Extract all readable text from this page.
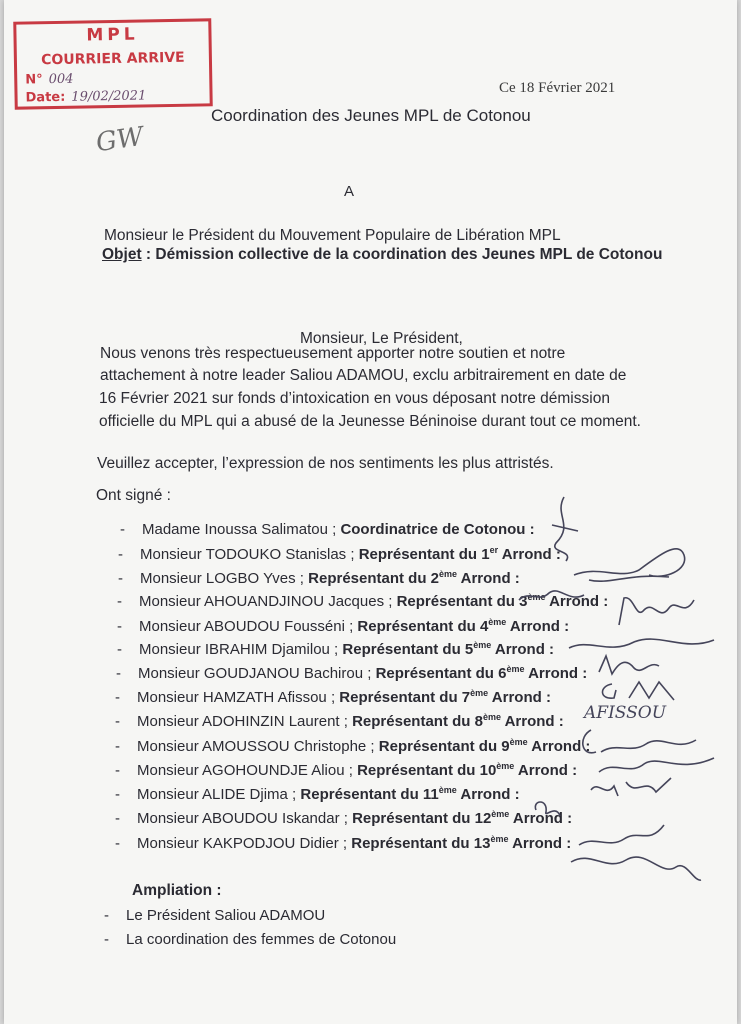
MPL
COURRIER ARRIVE
N° 004
Date: 19/02/2021
Ce 18 Février 2021
Coordination des Jeunes MPL de Cotonou
GW
A
Monsieur le Président du Mouvement Populaire de Libération MPL
Objet : Démission collective de la coordination des Jeunes MPL de Cotonou
Monsieur, Le Président,
Nous venons très respectueusement apporter notre soutien et notre
attachement à notre leader Saliou ADAMOU, exclu arbitrairement en date de
16 Février 2021 sur fonds d’intoxication en vous déposant notre démission
officielle du MPL qui a abusé de la Jeunesse Béninoise durant tout ce moment.
Veuillez accepter, l’expression de nos sentiments les plus attristés.
Ont signé :
- Madame Inoussa Salimatou ; Coordinatrice de Cotonou :
- Monsieur TODOUKO Stanislas ; Représentant du 1er Arrond :
- Monsieur LOGBO Yves ; Représentant du 2ème Arrond :
- Monsieur AHOUANDJINOU Jacques ; Représentant du 3ème Arrond :
- Monsieur ABOUDOU Fousséni ; Représentant du 4ème Arrond :
- Monsieur IBRAHIM Djamilou ; Représentant du 5ème Arrond :
- Monsieur GOUDJANOU Bachirou ; Représentant du 6ème Arrond :
- Monsieur HAMZATH Afissou ; Représentant du 7ème Arrond :
- Monsieur ADOHINZIN Laurent ; Représentant du 8ème Arrond :
- Monsieur AMOUSSOU Christophe ; Représentant du 9ème Arrond :
- Monsieur AGOHOUNDJE Aliou ; Représentant du 10ème Arrond :
- Monsieur ALIDE Djima ; Représentant du 11ème Arrond :
- Monsieur ABOUDOU Iskandar ; Représentant du 12ème Arrond :
- Monsieur KAKPODJOU Didier ; Représentant du 13ème Arrond :
AFISSOU
Ampliation :
- Le Président Saliou ADAMOU
- La coordination des femmes de Cotonou
